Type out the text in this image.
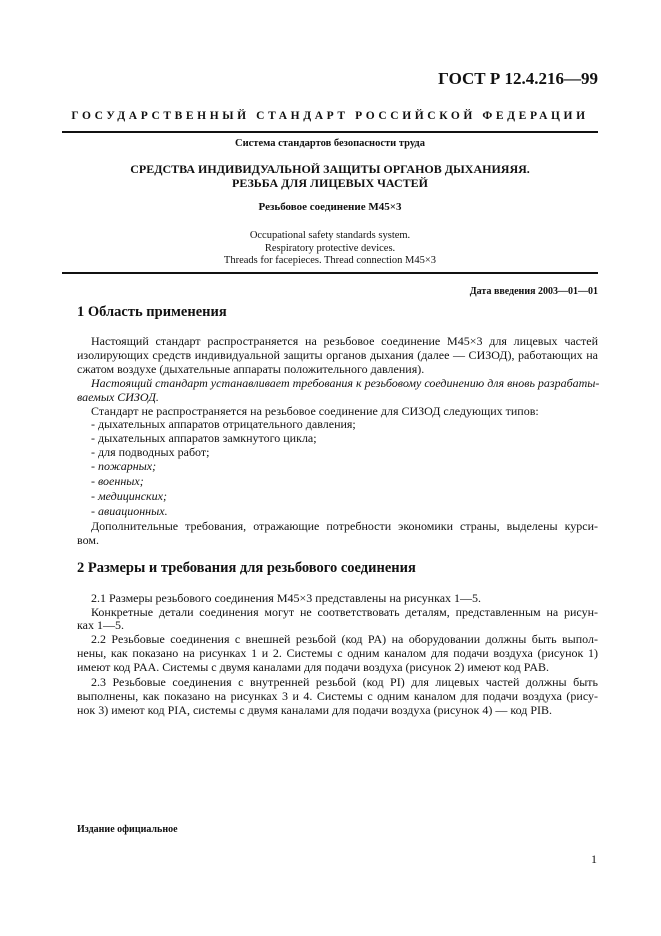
ГОСТ Р 12.4.216—99
ГОСУДАРСТВЕННЫЙ СТАНДАРТ РОССИЙСКОЙ ФЕДЕРАЦИИ
Система стандартов безопасности труда
СРЕДСТВА ИНДИВИДУАЛЬНОЙ ЗАЩИТЫ ОРГАНОВ ДЫХАНИЯЯЯ.
РЕЗЬБА ДЛЯ ЛИЦЕВЫХ ЧАСТЕЙ
Резьбовое соединение М45×3
Occupational safety standards system.
Respiratory protective devices.
Threads for facepieces. Thread connection M45×3
Дата введения 2003—01—01
1 Область применения
Настоящий стандарт распространяется на резьбовое соединение М45×3 для лицевых частей
изолирующих средств индивидуальной защиты органов дыхания (далее — СИЗОД), работающих на
сжатом воздухе (дыхательные аппараты положительного давления).
Настоящий стандарт устанавливает требования к резьбовому соединению для вновь разрабаты-
ваемых СИЗОД.
Стандарт не распространяется на резьбовое соединение для СИЗОД следующих типов:
- дыхательных аппаратов отрицательного давления;
- дыхательных аппаратов замкнутого цикла;
- для подводных работ;
- пожарных;
- военных;
- медицинских;
- авиационных.
Дополнительные требования, отражающие потребности экономики страны, выделены курси-
вом.
2 Размеры и требования для резьбового соединения
2.1 Размеры резьбового соединения М45×3 представлены на рисунках 1—5.
Конкретные детали соединения могут не соответствовать деталям, представленным на рисун-
ках 1—5.
2.2 Резьбовые соединения с внешней резьбой (код PA) на оборудовании должны быть выпол-
нены, как показано на рисунках 1 и 2. Системы с одним каналом для подачи воздуха (рисунок 1)
имеют код PAA. Системы с двумя каналами для подачи воздуха (рисунок 2) имеют код PAB.
2.3 Резьбовые соединения с внутренней резьбой (код PI) для лицевых частей должны быть
выполнены, как показано на рисунках 3 и 4. Системы с одним каналом для подачи воздуха (рису-
нок 3) имеют код PIA, системы с двумя каналами для подачи воздуха (рисунок 4) — код PIB.
Издание официальное
1
